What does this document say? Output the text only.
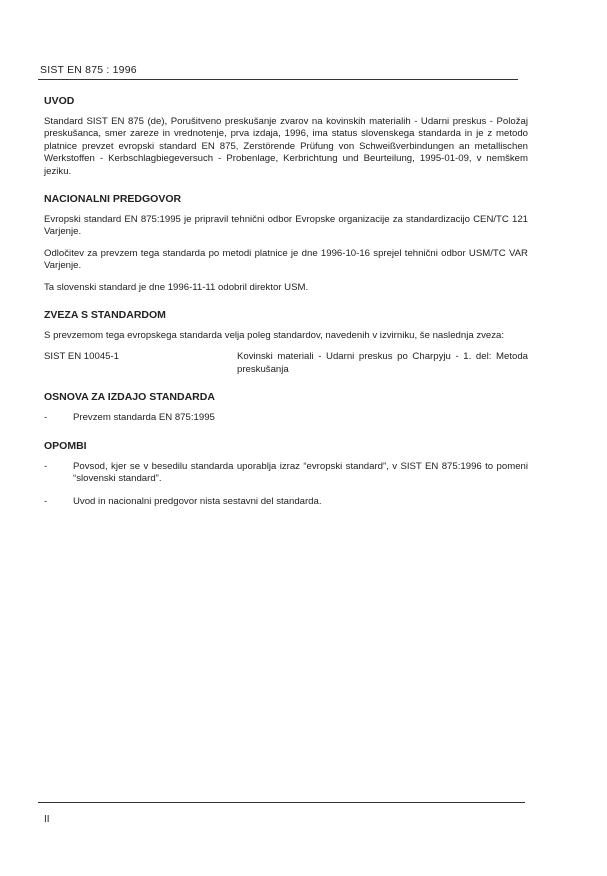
SIST EN 875 : 1996
UVOD
Standard SIST EN 875 (de), Porušitveno preskušanje zvarov na kovinskih materialih - Udarni preskus - Položaj preskušanca, smer zareze in vrednotenje, prva izdaja, 1996, ima status slovenskega standarda in je z metodo platnice prevzet evropski standard EN 875, Zerstörende Prüfung von Schweißverbindungen an metallischen Werkstoffen - Kerbschlagbiegeversuch - Probenlage, Kerbrichtung und Beurteilung, 1995-01-09, v nemškem jeziku.
NACIONALNI PREDGOVOR
Evropski standard EN 875:1995 je pripravil tehnični odbor Evropske organizacije za standardizacijo CEN/TC 121 Varjenje.
Odločitev za prevzem tega standarda po metodi platnice je dne 1996-10-16 sprejel tehnični odbor USM/TC VAR Varjenje.
Ta slovenski standard je dne 1996-11-11 odobril direktor USM.
ZVEZA S STANDARDOM
S prevzemom tega evropskega standarda velja poleg standardov, navedenih v izvirniku, še naslednja zveza:
SIST EN 10045-1	Kovinski materiali - Udarni preskus po Charpyju - 1. del: Metoda preskušanja
OSNOVA ZA IZDAJO STANDARDA
-	Prevzem standarda EN 875:1995
OPOMBI
-	Povsod, kjer se v besedilu standarda uporablja izraz “evropski standard”, v SIST EN 875:1996 to pomeni “slovenski standard”.
-	Uvod in nacionalni predgovor nista sestavni del standarda.
II
